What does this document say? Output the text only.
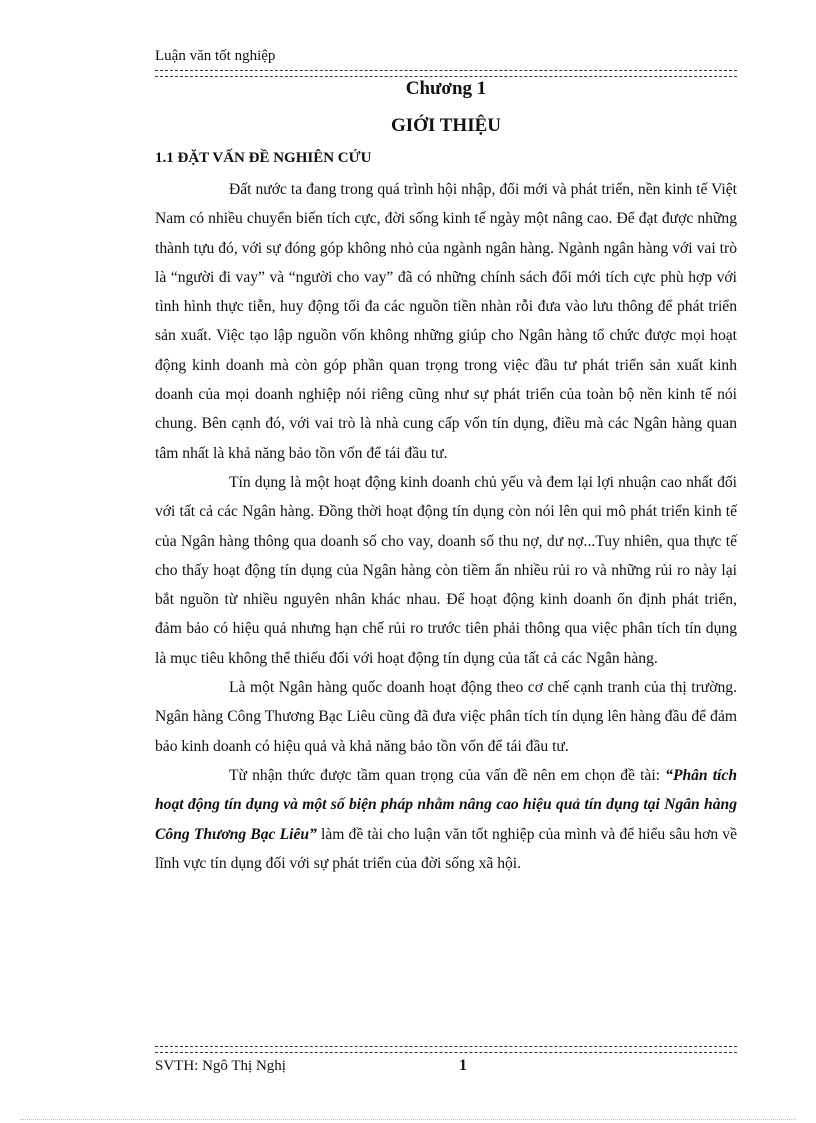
Luận văn tốt nghiệp
Chương 1
GIỚI THIỆU
1.1 ĐẶT VẤN ĐỀ NGHIÊN CỨU

Đất nước ta đang trong quá trình hội nhập, đổi mới và phát triển, nền kinh tế Việt Nam có nhiều chuyển biến tích cực, đời sống kinh tế ngày một nâng cao. Để đạt được những thành tựu đó, với sự đóng góp không nhỏ của ngành ngân hàng. Ngành ngân hàng với vai trò là “người đi vay” và “người cho vay” đã có những chính sách đổi mới tích cực phù hợp với tình hình thực tiễn, huy động tối đa các nguồn tiền nhàn rỗi đưa vào lưu thông để phát triển sản xuất. Việc tạo lập nguồn vốn không những giúp cho Ngân hàng tổ chức được mọi hoạt động kinh doanh mà còn góp phần quan trọng trong việc đầu tư phát triển sản xuất kinh doanh của mọi doanh nghiệp nói riêng cũng như sự phát triển của toàn bộ nền kinh tế nói chung. Bên cạnh đó, với vai trò là nhà cung cấp vốn tín dụng, điều mà các Ngân hàng quan tâm nhất là khả năng bảo tồn vốn để tái đầu tư.

Tín dụng là một hoạt động kinh doanh chủ yếu và đem lại lợi nhuận cao nhất đối với tất cả các Ngân hàng. Đồng thời hoạt động tín dụng còn nói lên qui mô phát triển kinh tế của Ngân hàng thông qua doanh số cho vay, doanh số thu nợ, dư nợ...Tuy nhiên, qua thực tế cho thấy hoạt động tín dụng của Ngân hàng còn tiềm ẩn nhiều rủi ro và những rủi ro này lại bắt nguồn từ nhiều nguyên nhân khác nhau. Để hoạt động kinh doanh ổn định phát triển, đảm bảo có hiệu quả nhưng hạn chế rủi ro trước tiên phải thông qua việc phân tích tín dụng là mục tiêu không thể thiếu đối với hoạt động tín dụng của tất cả các Ngân hàng.

Là một Ngân hàng quốc doanh hoạt động theo cơ chế cạnh tranh của thị trường. Ngân hàng Công Thương Bạc Liêu cũng đã đưa việc phân tích tín dụng lên hàng đầu để đảm bảo kinh doanh có hiệu quả và khả năng bảo tồn vốn để tái đầu tư.

Từ nhận thức được tầm quan trọng của vấn đề nên em chọn đề tài: “Phân tích hoạt động tín dụng và một số biện pháp nhằm nâng cao hiệu quả tín dụng tại Ngân hàng Công Thương Bạc Liêu” làm đề tài cho luận văn tốt nghiệp của mình và để hiểu sâu hơn về lĩnh vực tín dụng đối với sự phát triển của đời sống xã hội.

SVTH: Ngô Thị Nghị	1
